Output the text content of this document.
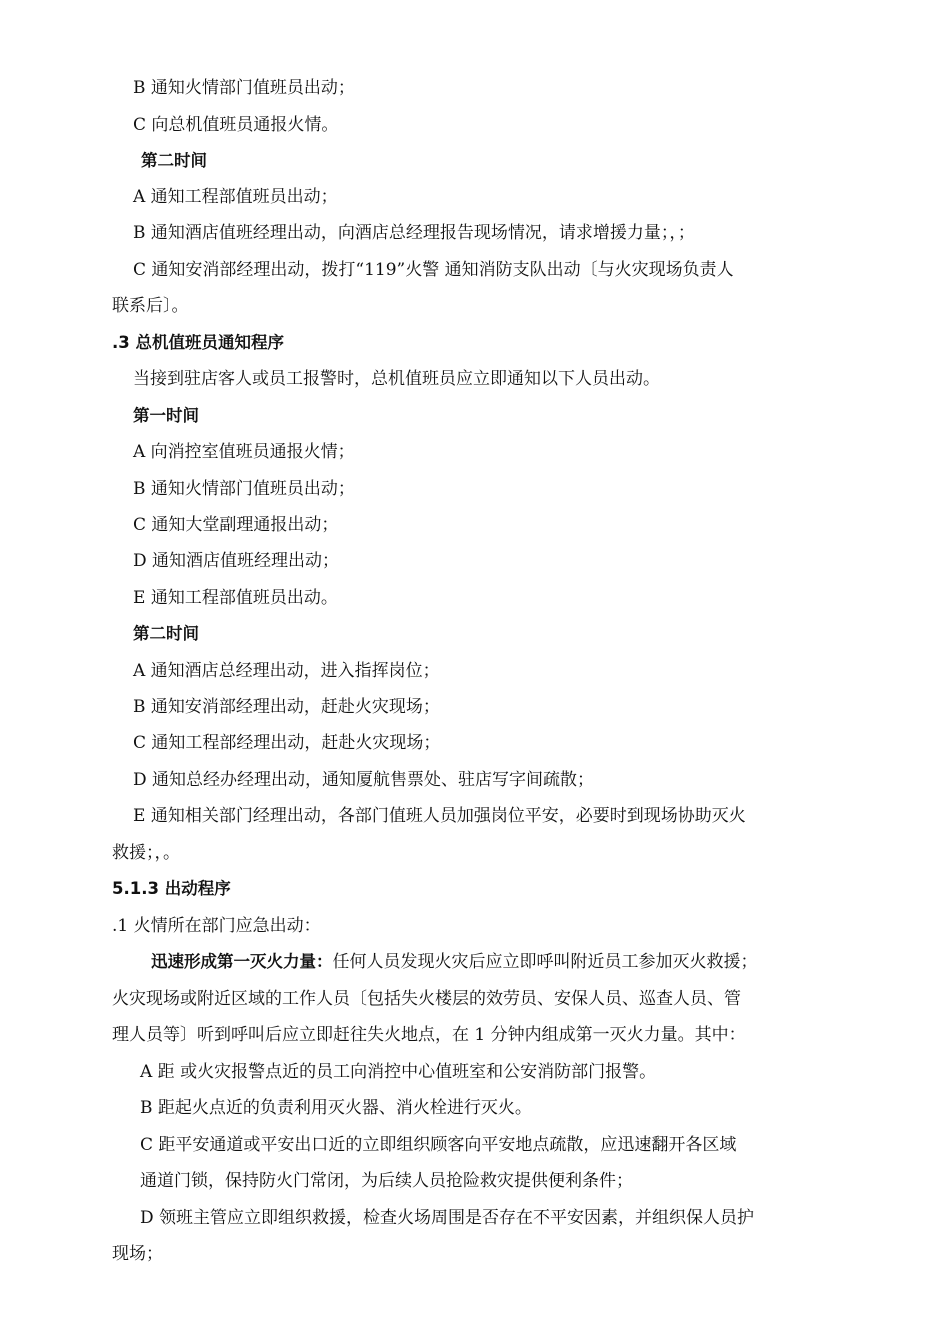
B 通知火情部门值班员出动；
C 向总机值班员通报火情。
第二时间
A 通知工程部值班员出动；
B 通知酒店值班经理出动，向酒店总经理报告现场情况，请求增援力量；，；
C 通知安消部经理出动，拨打“119”火警 通知消防支队出动〔与火灾现场负责人
联系后〕。
.3 总机值班员通知程序
当接到驻店客人或员工报警时，总机值班员应立即通知以下人员出动。
第一时间
A 向消控室值班员通报火情；
B 通知火情部门值班员出动；
C 通知大堂副理通报出动；
D 通知酒店值班经理出动；
E 通知工程部值班员出动。
第二时间
A 通知酒店总经理出动，进入指挥岗位；
B 通知安消部经理出动，赶赴火灾现场；
C 通知工程部经理出动，赶赴火灾现场；
D 通知总经办经理出动，通知厦航售票处、驻店写字间疏散；
E 通知相关部门经理出动，各部门值班人员加强岗位平安，必要时到现场协助灭火
救援；，。
5.1.3 出动程序
.1 火情所在部门应急出动：
迅速形成第一灭火力量：任何人员发现火灾后应立即呼叫附近员工参加灭火救援；
火灾现场或附近区域的工作人员〔包括失火楼层的效劳员、安保人员、巡查人员、管
理人员等〕听到呼叫后应立即赶往失火地点，在 1 分钟内组成第一灭火力量。其中：
A 距 或火灾报警点近的员工向消控中心值班室和公安消防部门报警。
B 距起火点近的负责利用灭火器、消火栓进行灭火。
C 距平安通道或平安出口近的立即组织顾客向平安地点疏散，应迅速翻开各区域
通道门锁，保持防火门常闭，为后续人员抢险救灾提供便利条件；
D 领班主管应立即组织救援，检查火场周围是否存在不平安因素，并组织保人员护
现场；
